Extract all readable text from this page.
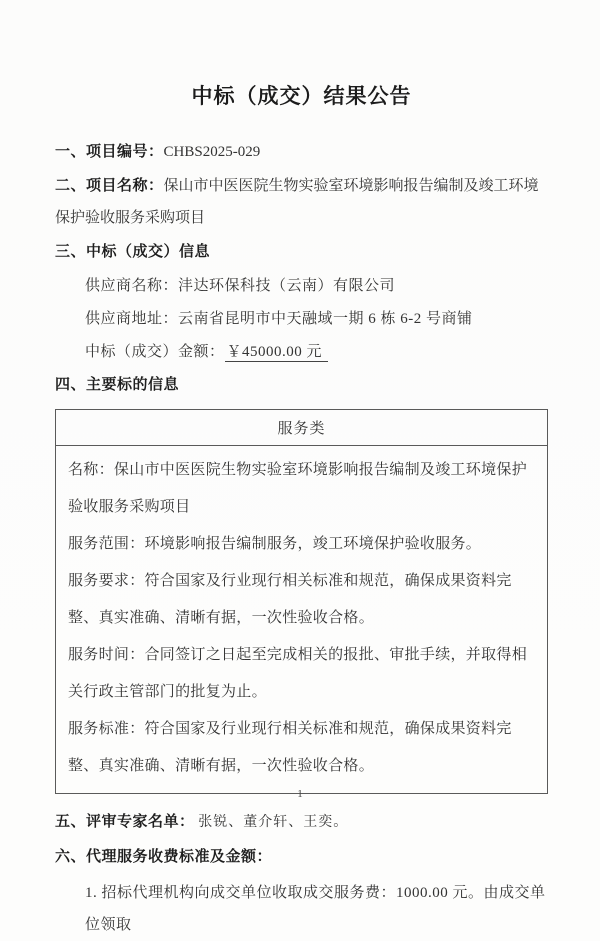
中标（成交）结果公告

一、项目编号：CHBS2025-029

二、项目名称：保山市中医医院生物实验室环境影响报告编制及竣工环境保护验收服务采购项目

三、中标（成交）信息

供应商名称：沣达环保科技（云南）有限公司

供应商地址：云南省昆明市中天融域一期 6 栋 6-2 号商铺

中标（成交）金额： ￥45000.00 元

四、主要标的信息

服务类

名称：保山市中医医院生物实验室环境影响报告编制及竣工环境保护验收服务采购项目

服务范围：环境影响报告编制服务，竣工环境保护验收服务。

服务要求：符合国家及行业现行相关标准和规范，确保成果资料完整、真实准确、清晰有据，一次性验收合格。

服务时间：合同签订之日起至完成相关的报批、审批手续，并取得相关行政主管部门的批复为止。

服务标准：符合国家及行业现行相关标准和规范，确保成果资料完整、真实准确、清晰有据，一次性验收合格。

五、评审专家名单： 张锐、董介轩、王奕。

六、代理服务收费标准及金额：

1. 招标代理机构向成交单位收取成交服务费：1000.00 元。由成交单位领取

1
